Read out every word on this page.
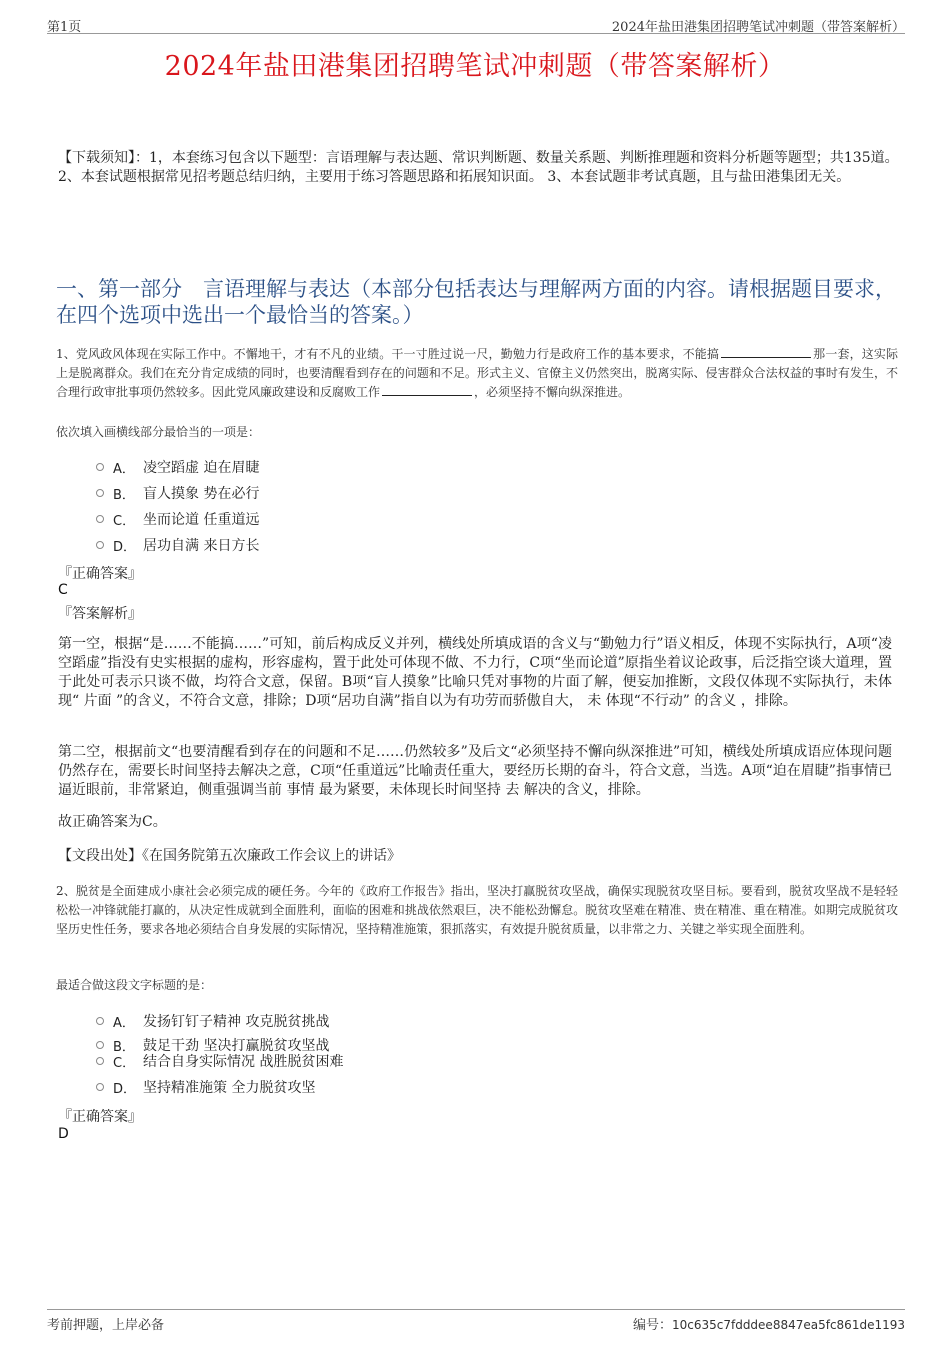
第1页	2024年盐田港集团招聘笔试冲刺题（带答案解析）
2024年盐田港集团招聘笔试冲刺题（带答案解析）
【下载须知】：1，本套练习包含以下题型：言语理解与表达题、常识判断题、数量关系题、判断推理题和资料分析题等题型；共135道。 2、本套试题根据常见招考题总结归纳，主要用于练习答题思路和拓展知识面。 3、本套试题非考试真题，且与盐田港集团无关。
一、第一部分　言语理解与表达（本部分包括表达与理解两方面的内容。请根据题目要求，在四个选项中选出一个最恰当的答案。）
1、党风政风体现在实际工作中。不懈地干，才有不凡的业绩。干一寸胜过说一尺，勤勉力行是政府工作的基本要求，不能搞	那一套，这实际上是脱离群众。我们在充分肯定成绩的同时，也要清醒看到存在的问题和不足。形式主义、官僚主义仍然突出，脱离实际、侵害群众合法权益的事时有发生，不合理行政审批事项仍然较多。因此党风廉政建设和反腐败工作	，必须坚持不懈向纵深推进。
依次填入画横线部分最恰当的一项是：
A． 凌空蹈虚 迫在眉睫
B． 盲人摸象 势在必行
C． 坐而论道 任重道远
D． 居功自满 来日方长
『正确答案』
C
『答案解析』
第一空，根据“是……不能搞……”可知，前后构成反义并列，横线处所填成语的含义与“勤勉力行”语义相反，体现不实际执行，A项“凌空蹈虚”指没有史实根据的虚构，形容虚构，置于此处可体现不做、不力行，C项“坐而论道”原指坐着议论政事，后泛指空谈大道理，置于此处可表示只谈不做，均符合文意，保留。B项“盲人摸象”比喻只凭对事物的片面了解，便妄加推断，文段仅体现不实际执行，未体现“ 片面 ”的含义，不符合文意，排除；D项“居功自满”指自以为有功劳而骄傲自大， 未 体现“不行动” 的含义 ，排除。
第二空，根据前文“也要清醒看到存在的问题和不足……仍然较多”及后文“必须坚持不懈向纵深推进”可知，横线处所填成语应体现问题仍然存在，需要长时间坚持去解决之意，C项“任重道远”比喻责任重大，要经历长期的奋斗，符合文意，当选。A项“迫在眉睫”指事情已逼近眼前，非常紧迫，侧重强调当前 事情 最为紧要，未体现长时间坚持 去 解决的含义，排除。
故正确答案为C。
【文段出处】《在国务院第五次廉政工作会议上的讲话》
2、脱贫是全面建成小康社会必须完成的硬任务。今年的《政府工作报告》指出，坚决打赢脱贫攻坚战，确保实现脱贫攻坚目标。要看到，脱贫攻坚战不是轻轻松松一冲锋就能打赢的，从决定性成就到全面胜利，面临的困难和挑战依然艰巨，决不能松劲懈怠。脱贫攻坚难在精准、贵在精准、重在精准。如期完成脱贫攻坚历史性任务，要求各地必须结合自身发展的实际情况，坚持精准施策，狠抓落实，有效提升脱贫质量，以非常之力、关键之举实现全面胜利。
最适合做这段文字标题的是：
A． 发扬钉钉子精神 攻克脱贫挑战
B． 鼓足干劲 坚决打赢脱贫攻坚战
C． 结合自身实际情况 战胜脱贫困难
D． 坚持精准施策 全力脱贫攻坚
『正确答案』
D
考前押题，上岸必备	编号：10c635c7fdddee8847ea5fc861de1193
